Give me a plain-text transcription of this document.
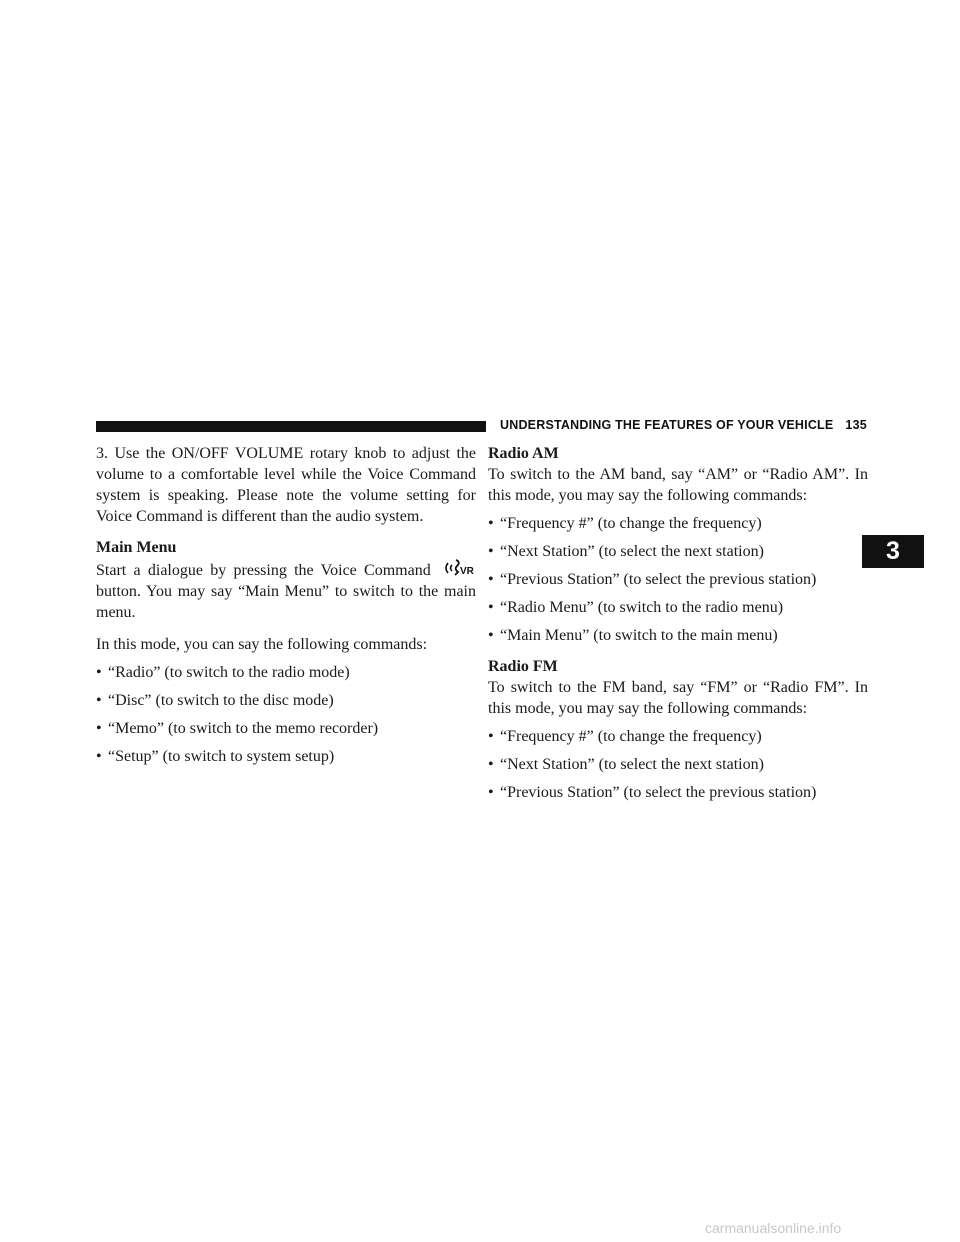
UNDERSTANDING THE FEATURES OF YOUR VEHICLE 135
3

3. Use the ON/OFF VOLUME rotary knob to adjust the volume to a comfortable level while the Voice Command system is speaking. Please note the volume setting for Voice Command is different than the audio system.

Main Menu

Start a dialogue by pressing the Voice Command	VR
button. You may say “Main Menu” to switch to the main menu.

In this mode, you can say the following commands:

• “Radio” (to switch to the radio mode)
• “Disc” (to switch to the disc mode)
• “Memo” (to switch to the memo recorder)
• “Setup” (to switch to system setup)

Radio AM

To switch to the AM band, say “AM” or “Radio AM”. In this mode, you may say the following commands:

• “Frequency #” (to change the frequency)
• “Next Station” (to select the next station)
• “Previous Station” (to select the previous station)
• “Radio Menu” (to switch to the radio menu)
• “Main Menu” (to switch to the main menu)

Radio FM

To switch to the FM band, say “FM” or “Radio FM”. In this mode, you may say the following commands:

• “Frequency #” (to change the frequency)
• “Next Station” (to select the next station)
• “Previous Station” (to select the previous station)
carmanualsonline.info
